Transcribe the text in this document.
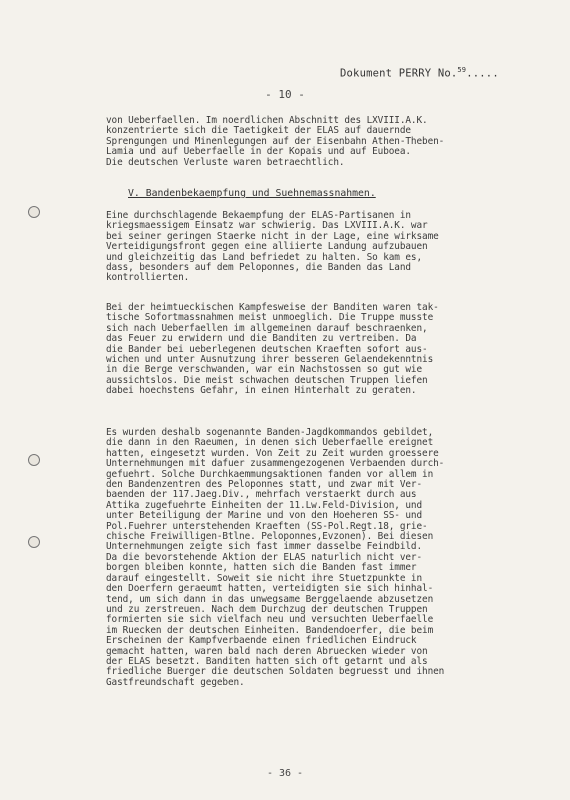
Dokument PERRY No.$^{59}$.....
- 10 -
von Ueberfaellen. Im noerdlichen Abschnitt des LXVIII.A.K.
konzentrierte sich die Taetigkeit der ELAS auf dauernde
Sprengungen und Minenlegungen auf der Eisenbahn Athen-Theben-
Lamia und auf Ueberfaelle in der Kopais und auf Euboea.
Die deutschen Verluste waren betraechtlich.
V. Bandenbekaempfung und Suehnemassnahmen.
Eine durchschlagende Bekaempfung der ELAS-Partisanen in
kriegsmaessigem Einsatz war schwierig. Das LXVIII.A.K. war
bei seiner geringen Staerke nicht in der Lage, eine wirksame
Verteidigungsfront gegen eine alliierte Landung aufzubauen
und gleichzeitig das Land befriedet zu halten. So kam es,
dass, besonders auf dem Peloponnes, die Banden das Land
kontrollierten.
Bei der heimtueckischen Kampfesweise der Banditen waren tak-
tische Sofortmassnahmen meist unmoeglich. Die Truppe musste
sich nach Ueberfaellen im allgemeinen darauf beschraenken,
das Feuer zu erwidern und die Banditen zu vertreiben. Da
die Bander bei ueberlegenen deutschen Kraeften sofort aus-
wichen und unter Ausnutzung ihrer besseren Gelaendekenntnis
in die Berge verschwanden, war ein Nachstossen so gut wie
aussichtslos. Die meist schwachen deutschen Truppen liefen
dabei hoechstens Gefahr, in einen Hinterhalt zu geraten.
Es wurden deshalb sogenannte Banden-Jagdkommandos gebildet,
die dann in den Raeumen, in denen sich Ueberfaelle ereignet
hatten, eingesetzt wurden. Von Zeit zu Zeit wurden groessere
Unternehmungen mit dafuer zusammengezogenen Verbaenden durch-
gefuehrt. Solche Durchkaemmungsaktionen fanden vor allem in
den Bandenzentren des Peloponnes statt, und zwar mit Ver-
baenden der 117.Jaeg.Div., mehrfach verstaerkt durch aus
Attika zugefuehrte Einheiten der 11.Lw.Feld-Division, und
unter Beteiligung der Marine und von den Hoeheren SS- und
Pol.Fuehrer unterstehenden Kraeften (SS-Pol.Regt.18, grie-
chische Freiwilligen-Btlne. Peloponnes,Evzonen). Bei diesen
Unternehmungen zeigte sich fast immer dasselbe Feindbild.
Da die bevorstehende Aktion der ELAS naturlich nicht ver-
borgen bleiben konnte, hatten sich die Banden fast immer
darauf eingestellt. Soweit sie nicht ihre Stuetzpunkte in
den Doerfern geraeumt hatten, verteidigten sie sich hinhal-
tend, um sich dann in das unwegsame Berggelaende abzusetzen
und zu zerstreuen. Nach dem Durchzug der deutschen Truppen
formierten sie sich vielfach neu und versuchten Ueberfaelle
im Ruecken der deutschen Einheiten. Bandendoerfer, die beim
Erscheinen der Kampfverbaende einen friedlichen Eindruck
gemacht hatten, waren bald nach deren Abruecken wieder von
der ELAS besetzt. Banditen hatten sich oft getarnt und als
friedliche Buerger die deutschen Soldaten begruesst und ihnen
Gastfreundschaft gegeben.
- 36 -
